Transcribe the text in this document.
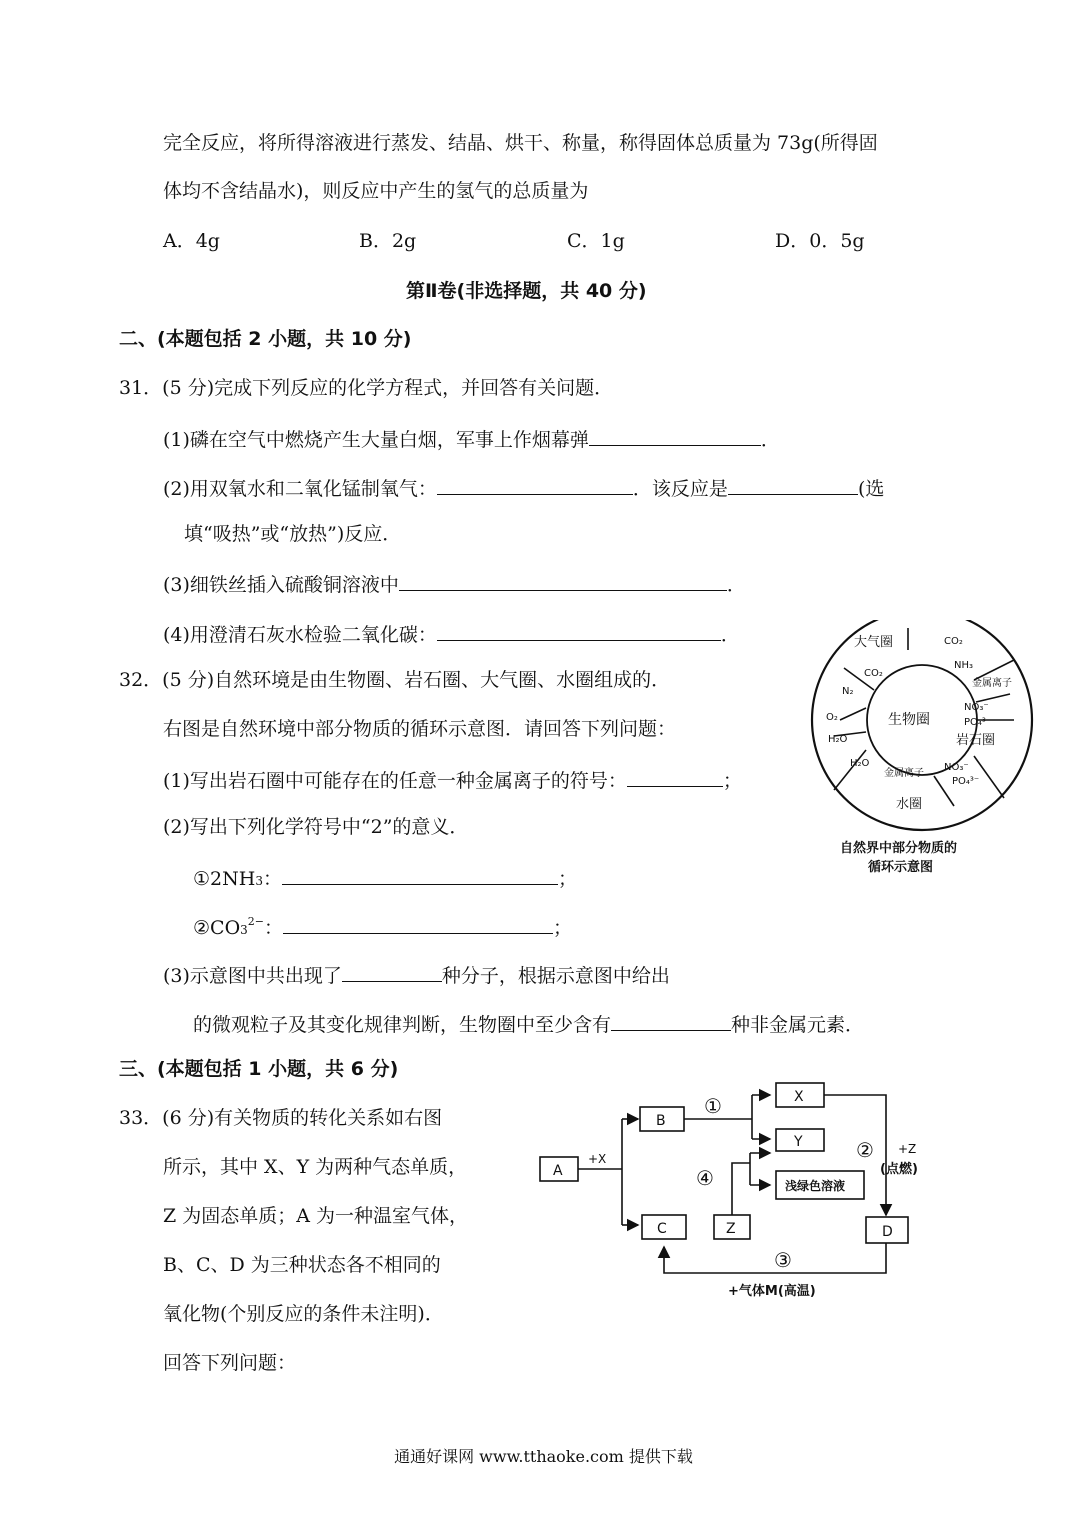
完全反应，将所得溶液进行蒸发、结晶、烘干、称量，称得固体总质量为 73g(所得固
体均不含结晶水)，则反应中产生的氢气的总质量为
A．4g	B．2g	C．1g	D．0．5g
第Ⅱ卷(非选择题，共 40 分)
二、(本题包括 2 小题，共 10 分)
31．(5 分)完成下列反应的化学方程式，并回答有关问题．
(1)磷在空气中燃烧产生大量白烟，军事上作烟幕弹	．
(2)用双氧水和二氧化锰制氧气：	．该反应是	(选
填“吸热”或“放热”)反应．
(3)细铁丝插入硫酸铜溶液中	．
(4)用澄清石灰水检验二氧化碳：	．
32．(5 分)自然环境是由生物圈、岩石圈、大气圈、水圈组成的．
右图是自然环境中部分物质的循环示意图．请回答下列问题：
(1)写出岩石圈中可能存在的任意一种金属离子的符号：	；
(2)写出下列化学符号中“2”的意义．
①2NH3：	；
$②CO3^{2-}$：	；
(3)示意图中共出现了	种分子，根据示意图中给出
的微观粒子及其变化规律判断，生物圈中至少含有	种非金属元素．
大气圈	CO₂
CO₂
NH₃
金属离子
N₂
NO₃⁻
O₂	生物圈	PO₄³⁻
H₂O	岩石圈
H₂O
金属离子
NO₃⁻
PO₄³⁻
水圈
自然界中部分物质的
循环示意图
三、(本题包括 1 小题，共 6 分)
33．(6 分)有关物质的转化关系如右图
所示，其中 X、Y 为两种气态单质，
Z 为固态单质；A 为一种温室气体，
B、C、D 为三种状态各不相同的
氧化物(个别反应的条件未注明)．
回答下列问题：
A
B
C	Z
X
Y
浅绿色溶液
D
+X
①
② +Z
(点燃)
④
③
+气体M(高温)
通通好课网 www.tthaoke.com 提供下载
